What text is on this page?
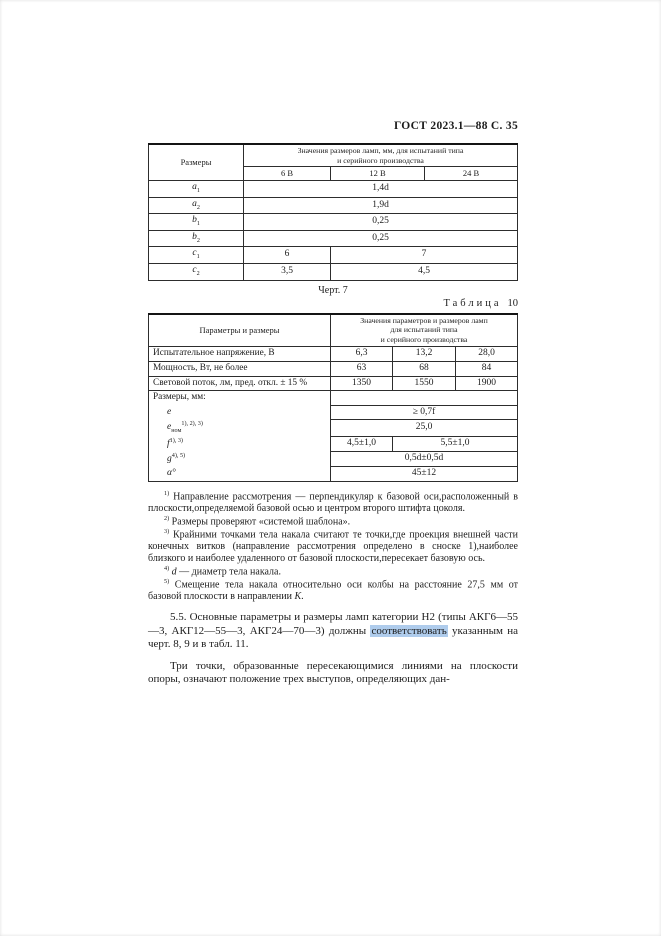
ГОСТ 2023.1—88 С. 35
Размеры	Значения размеров ламп, мм, для испытаний типа
и серийного производства		

	6 В	12 В	24 В
$a_1$	1,4d		
$a_2$	1,9d		
$b_1$	0,25		
$b_2$	0,25		
$c_1$	6	7	
$c_2$	3,5	4,5	
Черт. 7
Таблица 10
Параметры и размеры	Значения параметров и размеров ламп
для испытаний типа
и серийного производства		

Испытательное напряжение, В	6,3	13,2	28,0
Мощность, Вт, не более	63	68	84
Световой поток, лм, пред. откл. ± 15 %	1350	1550	1900
Размеры, мм:			
e	≥ 0,7f		
$e_{ном}^{1), 2), 3)}$	25,0		
$f^{1), 3)}$	4,5±1,0	5,5±1,0	
$g^{4), 5)}$	0,5d±0,5d		
α°	45±12		

$^{1)}$ Направление рассмотрения — перпендикуляр к базовой оси,расположенный в плоскости,определяемой базовой осью и центром второго штифта цоколя.

$^{2)}$ Размеры проверяют «системой шаблона».

$^{3)}$ Крайними точками тела накала считают те точки,где проекция внешней части конечных витков (направление рассмотрения определено в сноске 1),наиболее близкого и наиболее удаленного от базовой плоскости,пересекает базовую ось.

$^{4)}$ d — диаметр тела накала.

$^{5)}$ Смещение тела накала относительно оси колбы на расстояние 27,5 мм от базовой плоскости в направлении К.

5.5. Основные параметры и размеры ламп категории Н2 (типы АКГ6—55—3, АКГ12—55—3, АКГ24—70—3) должны соответствовать указанным на черт. 8, 9 и в табл. 11.

Три точки, образованные пересекающимися линиями на плоскости опоры, означают положение трех выступов, определяющих дан-
